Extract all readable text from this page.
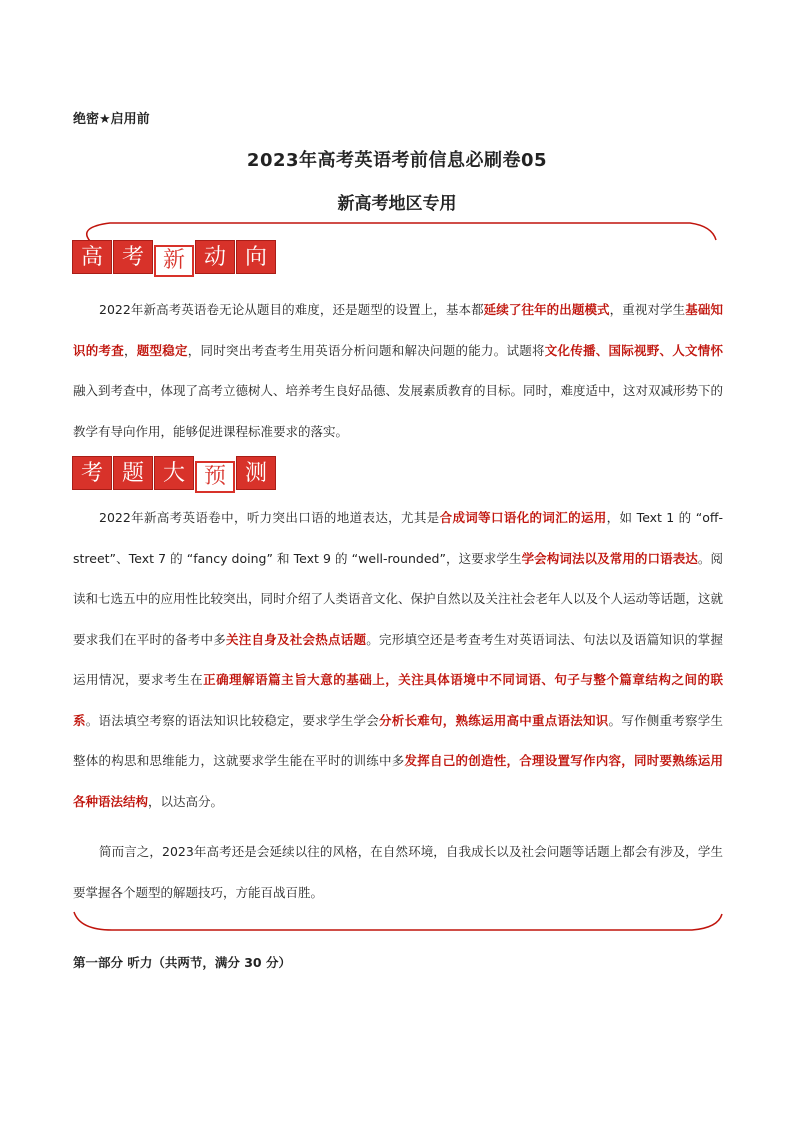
绝密★启用前
2023年高考英语考前信息必刷卷05
新高考地区专用
高 考 新 动 向
2022年新高考英语卷无论从题目的难度，还是题型的设置上，基本都延续了往年的出题模式，重视对学生基础知识的考查，题型稳定，同时突出考查考生用英语分析问题和解决问题的能力。试题将文化传播、国际视野、人文情怀融入到考查中，体现了高考立德树人、培养考生良好品德、发展素质教育的目标。同时，难度适中，这对双减形势下的教学有导向作用，能够促进课程标准要求的落实。
考 题 大 预 测
2022年新高考英语卷中，听力突出口语的地道表达，尤其是合成词等口语化的词汇的运用，如 Text 1 的 “off-street”、Text 7 的 “fancy doing” 和 Text 9 的 “well-rounded”，这要求学生学会构词法以及常用的口语表达。阅读和七选五中的应用性比较突出，同时介绍了人类语音文化、保护自然以及关注社会老年人以及个人运动等话题，这就要求我们在平时的备考中多关注自身及社会热点话题。完形填空还是考查考生对英语词法、句法以及语篇知识的掌握运用情况，要求考生在正确理解语篇主旨大意的基础上，关注具体语境中不同词语、句子与整个篇章结构之间的联系。语法填空考察的语法知识比较稳定，要求学生学会分析长难句，熟练运用高中重点语法知识。写作侧重考察学生整体的构思和思维能力，这就要求学生能在平时的训练中多发挥自己的创造性，合理设置写作内容，同时要熟练运用各种语法结构，以达高分。
简而言之，2023年高考还是会延续以往的风格，在自然环境，自我成长以及社会问题等话题上都会有涉及，学生要掌握各个题型的解题技巧，方能百战百胜。
第一部分 听力（共两节，满分 30 分）
